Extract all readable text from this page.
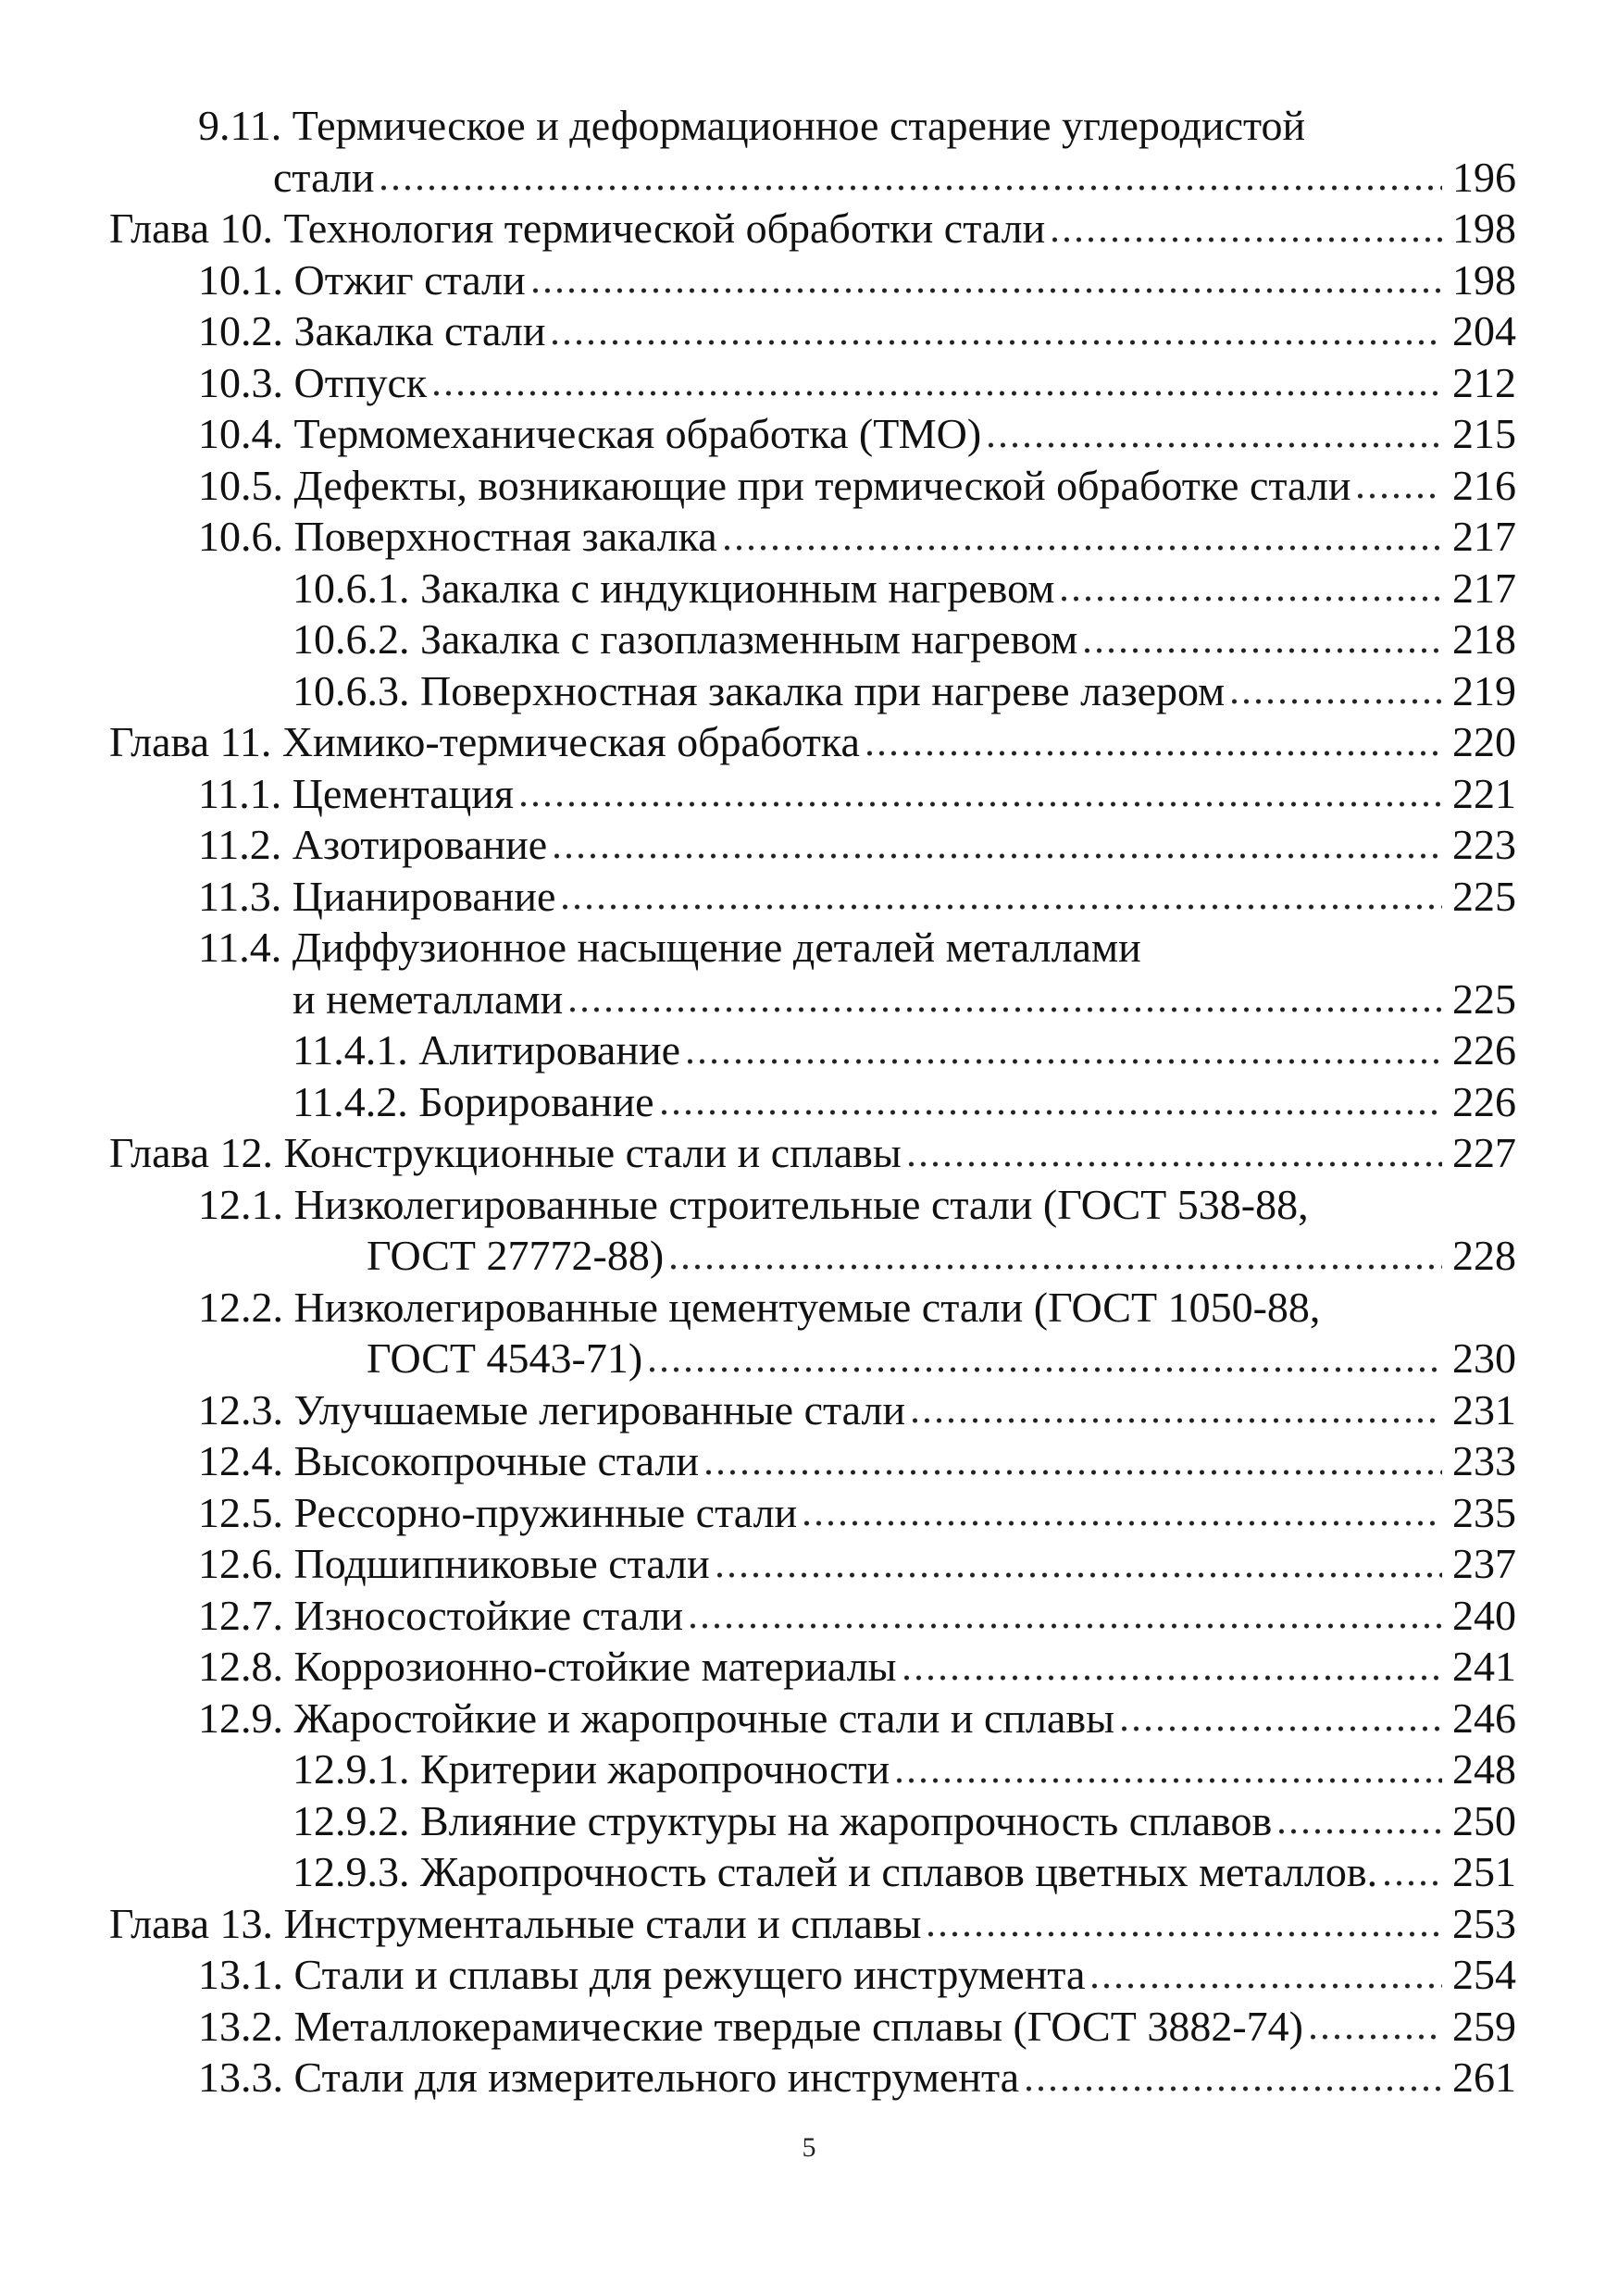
9.11. Термическое и деформационное старение углеродистой
стали	196
Глава 10. Технология термической обработки стали	198
10.1. Отжиг стали	198
10.2. Закалка стали	204
10.3. Отпуск	212
10.4. Термомеханическая обработка (ТМО)	215
10.5. Дефекты, возникающие при термической обработке стали 216
10.6. Поверхностная закалка	217
10.6.1. Закалка с индукционным нагревом	217
10.6.2. Закалка с газоплазменным нагревом	218
10.6.3. Поверхностная закалка при нагреве лазером	219
Глава 11. Химико-термическая обработка	220
11.1. Цементация	221
11.2. Азотирование	223
11.3. Цианирование	225
11.4. Диффузионное насыщение деталей металлами
и неметаллами	225
11.4.1. Алитирование	226
11.4.2. Борирование	226
Глава 12. Конструкционные стали и сплавы	227
12.1. Низколегированные строительные стали (ГОСТ 538-88,
ГОСТ 27772-88)	228
12.2. Низколегированные цементуемые стали (ГОСТ 1050-88,
ГОСТ 4543-71)	230
12.3. Улучшаемые легированные стали	231
12.4. Высокопрочные стали	233
12.5. Рессорно-пружинные стали	235
12.6. Подшипниковые стали	237
12.7. Износостойкие стали	240
12.8. Коррозионно-стойкие материалы	241
12.9. Жаростойкие и жаропрочные стали и сплавы	246
12.9.1. Критерии жаропрочности	248
12.9.2. Влияние структуры на жаропрочность сплавов	250
12.9.3. Жаропрочность сталей и сплавов цветных металлов. 251
Глава 13. Инструментальные стали и сплавы	253
13.1. Стали и сплавы для режущего инструмента	254
13.2. Металлокерамические твердые сплавы (ГОСТ 3882-74)	259
13.3. Стали для измерительного инструмента	261
5
